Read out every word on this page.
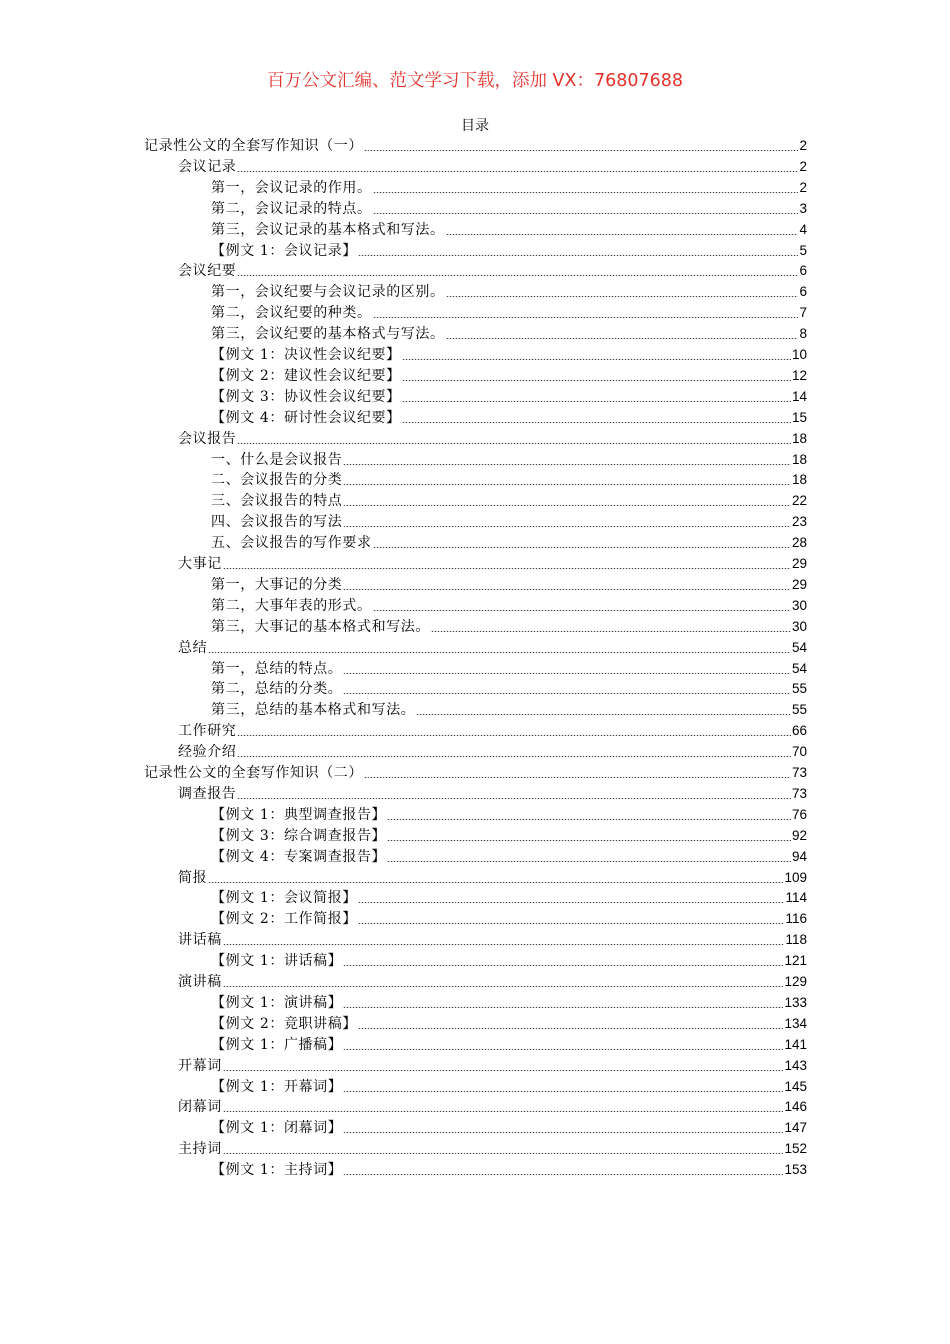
百万公文汇编、范文学习下载，添加 VX：76807688
目录
记录性公文的全套写作知识（一）	2
会议记录	2
第一，会议记录的作用。	2
第二，会议记录的特点。	3
第三，会议记录的基本格式和写法。	4
【例文 1：会议记录】	5
会议纪要	6
第一，会议纪要与会议记录的区别。	6
第二，会议纪要的种类。	7
第三，会议纪要的基本格式与写法。	8
【例文 1：决议性会议纪要】	10
【例文 2：建议性会议纪要】	12
【例文 3：协议性会议纪要】	14
【例文 4：研讨性会议纪要】	15
会议报告	18
一、什么是会议报告	18
二、会议报告的分类	18
三、会议报告的特点	22
四、会议报告的写法	23
五、会议报告的写作要求	28
大事记	29
第一，大事记的分类	29
第二，大事年表的形式。	30
第三，大事记的基本格式和写法。	30
总结	54
第一，总结的特点。	54
第二，总结的分类。	55
第三，总结的基本格式和写法。	55
工作研究	66
经验介绍	70
记录性公文的全套写作知识（二）	73
调查报告	73
【例文 1：典型调查报告】	76
【例文 3：综合调查报告】	92
【例文 4：专案调查报告】	94
简报	109
【例文 1：会议简报】	114
【例文 2：工作简报】	116
讲话稿	118
【例文 1：讲话稿】	121
演讲稿	129
【例文 1：演讲稿】	133
【例文 2：竞职讲稿】	134
【例文 1：广播稿】	141
开幕词	143
【例文 1：开幕词】	145
闭幕词	146
【例文 1：闭幕词】	147
主持词	152
【例文 1：主持词】	153
